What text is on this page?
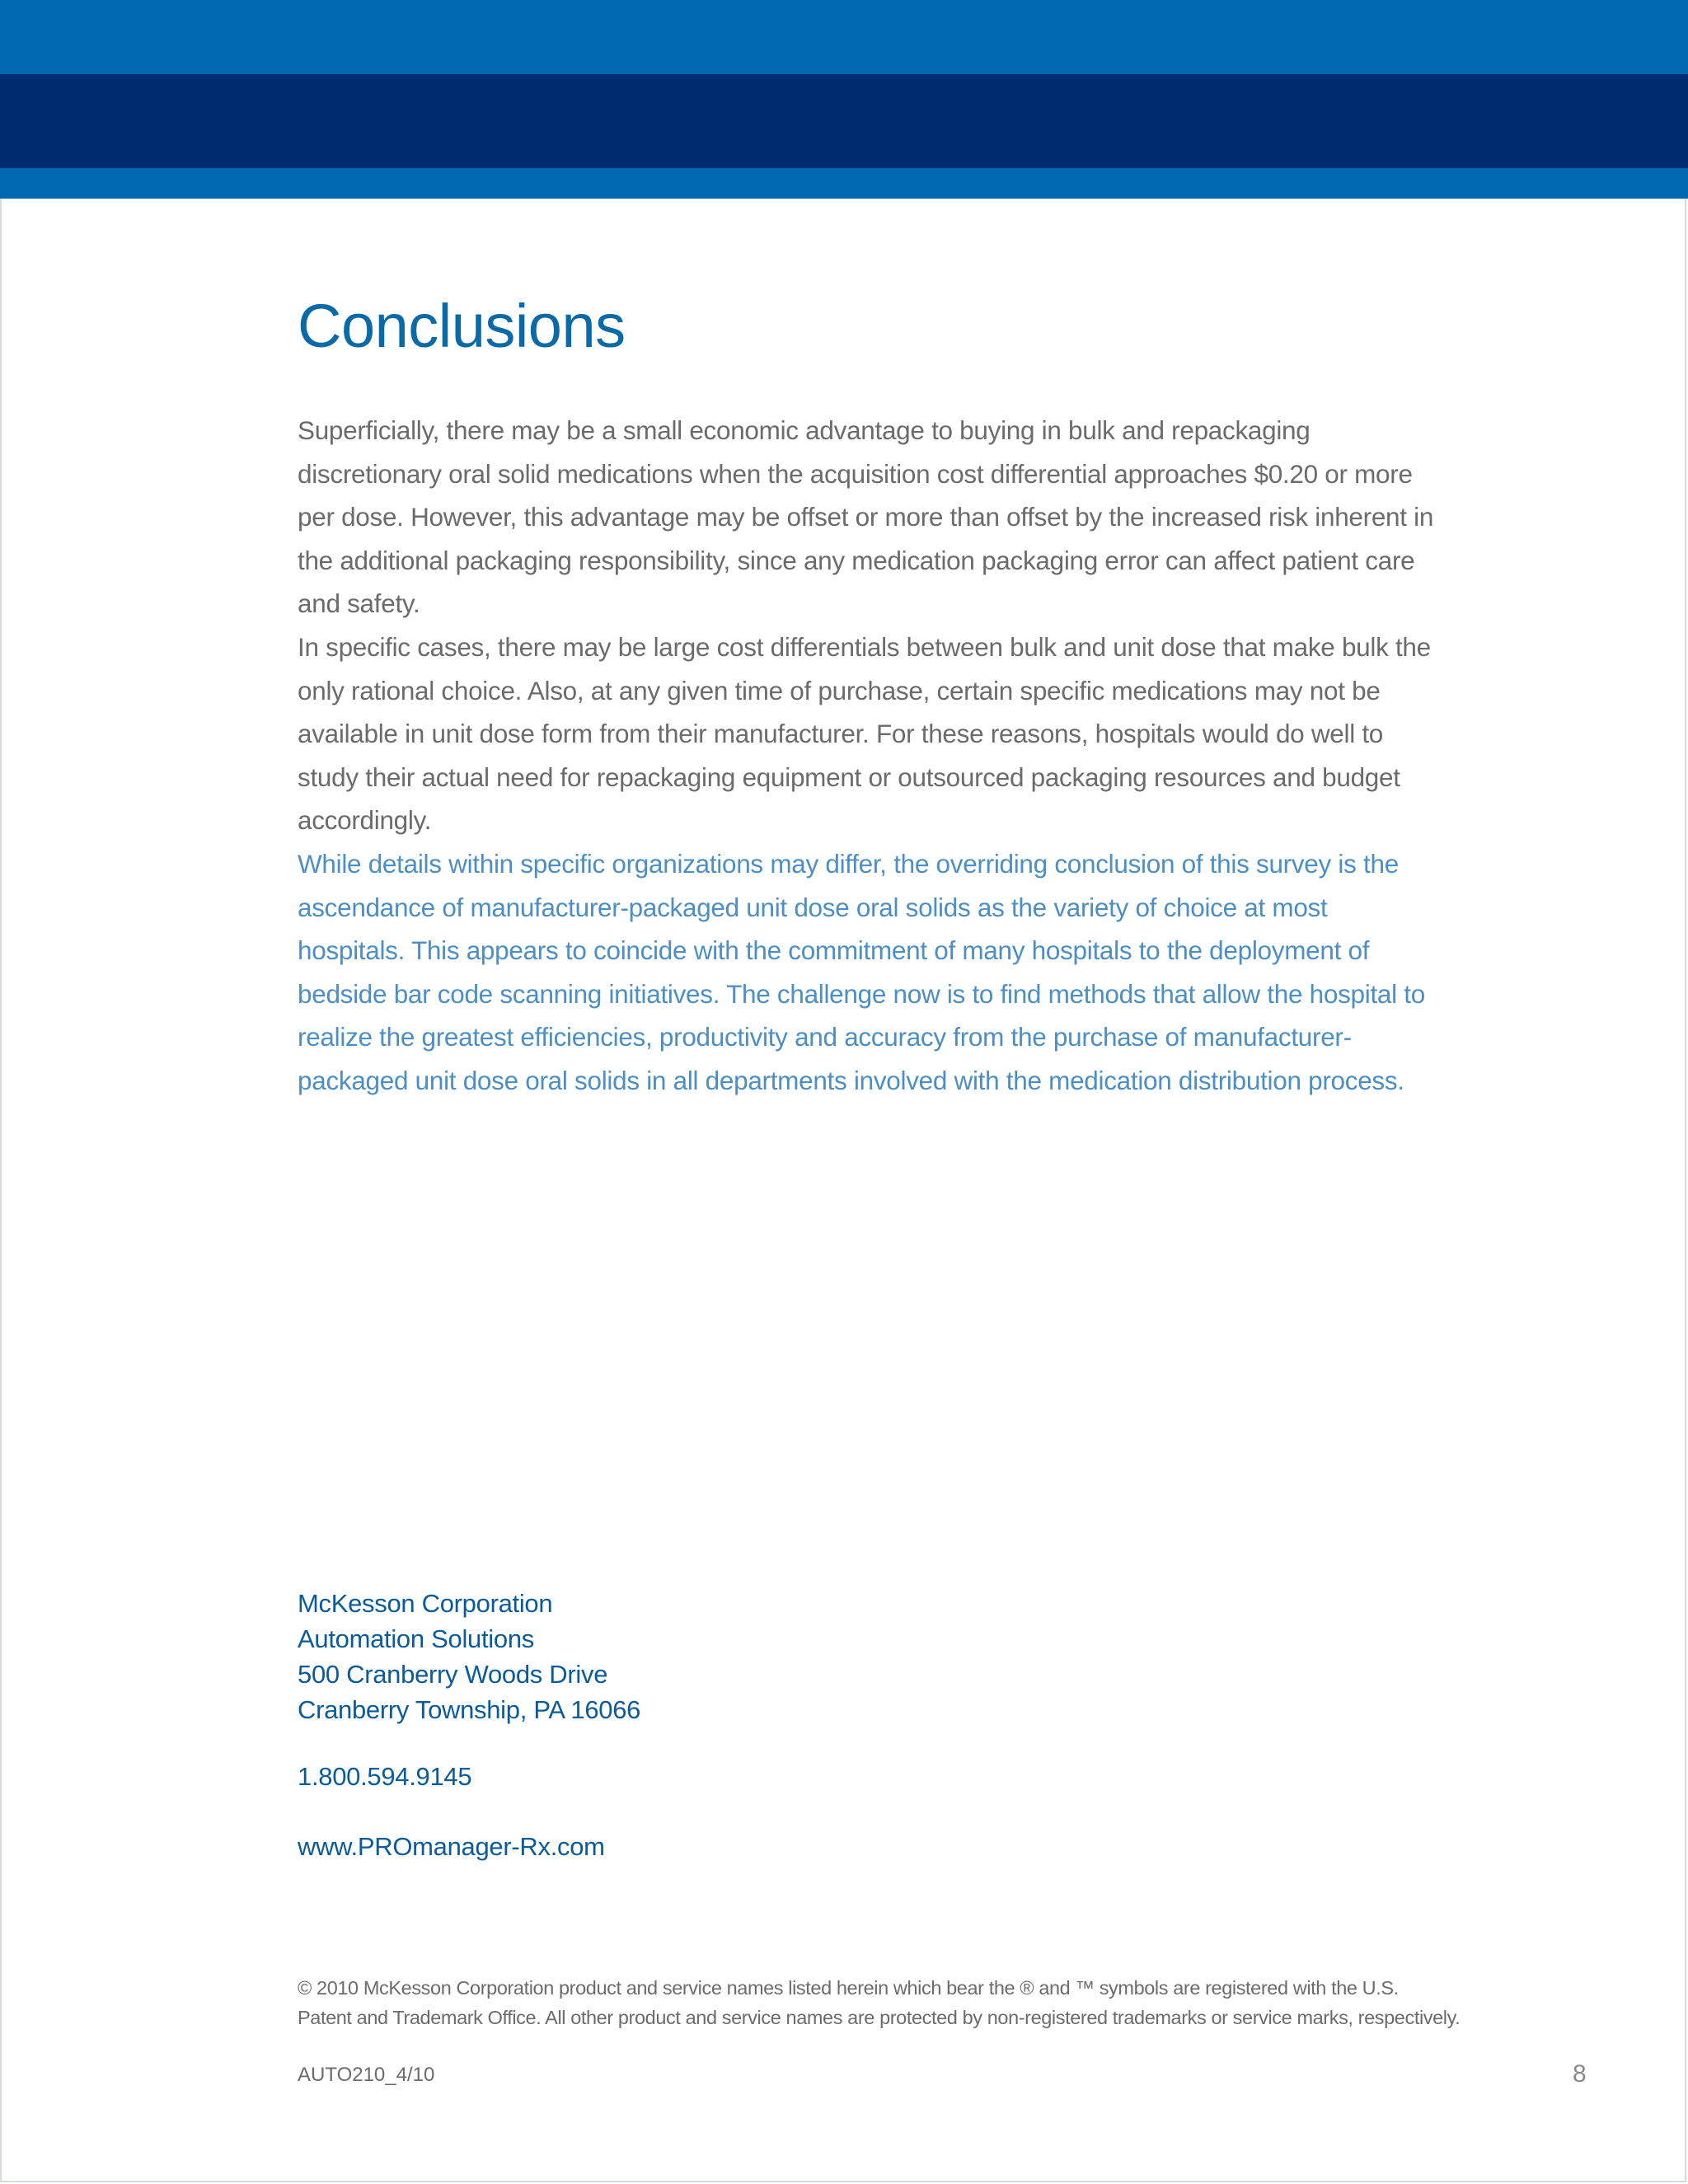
Conclusions

Superficially, there may be a small economic advantage to buying in bulk and repackaging discretionary oral solid medications when the acquisition cost differential approaches $0.20 or more per dose. However, this advantage may be offset or more than offset by the increased risk inherent in the additional packaging responsibility, since any medication packaging error can affect patient care and safety.

In specific cases, there may be large cost differentials between bulk and unit dose that make bulk the only rational choice. Also, at any given time of purchase, certain specific medications may not be available in unit dose form from their manufacturer. For these reasons, hospitals would do well to study their actual need for repackaging equipment or outsourced packaging resources and budget accordingly.

While details within specific organizations may differ, the overriding conclusion of this survey is the ascendance of manufacturer-packaged unit dose oral solids as the variety of choice at most hospitals. This appears to coincide with the commitment of many hospitals to the deployment of bedside bar code scanning initiatives. The challenge now is to find methods that allow the hospital to realize the greatest efficiencies, productivity and accuracy from the purchase of manufacturer-packaged unit dose oral solids in all departments involved with the medication distribution process.

McKesson Corporation
Automation Solutions
500 Cranberry Woods Drive
Cranberry Township, PA 16066

1.800.594.9145

www.PROmanager-Rx.com

© 2010 McKesson Corporation product and service names listed herein which bear the ® and ™ symbols are registered with the U.S.
Patent and Trademark Office. All other product and service names are protected by non-registered trademarks or service marks, respectively.

AUTO210_4/10	8
